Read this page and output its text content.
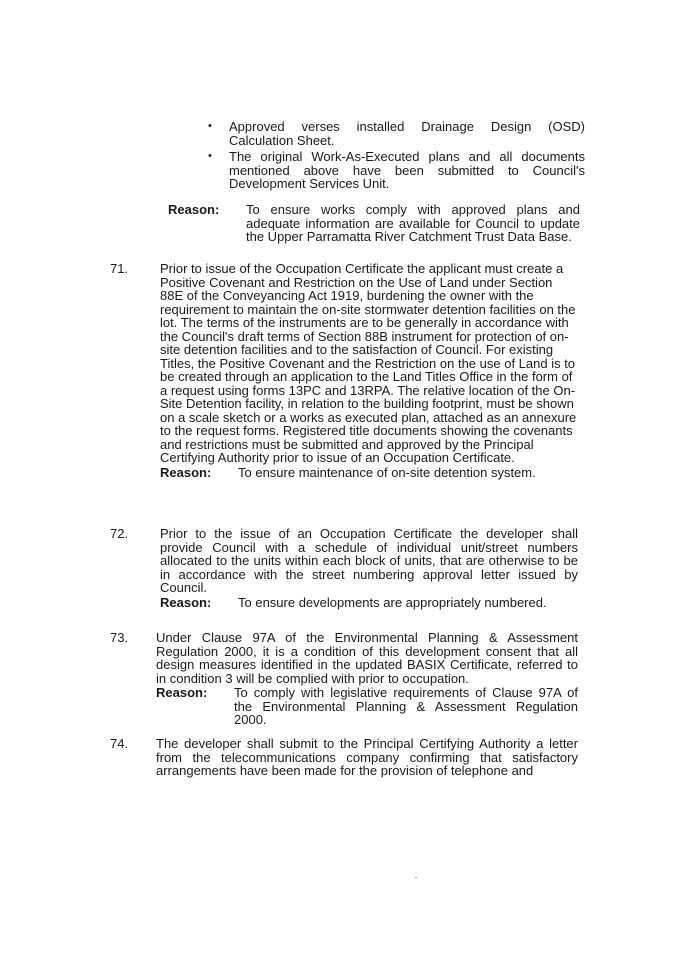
• Approved verses installed Drainage Design (OSD) Calculation Sheet.
• The original Work-As-Executed plans and all documents mentioned above have been submitted to Council's Development Services Unit.
Reason:	To ensure works comply with approved plans and adequate information are available for Council to update the Upper Parramatta River Catchment Trust Data Base.
71.	Prior to issue of the Occupation Certificate the applicant must create a Positive Covenant and Restriction on the Use of Land under Section 88E of the Conveyancing Act 1919, burdening the owner with the requirement to maintain the on-site stormwater detention facilities on the lot. The terms of the instruments are to be generally in accordance with the Council's draft terms of Section 88B instrument for protection of on-site detention facilities and to the satisfaction of Council. For existing Titles, the Positive Covenant and the Restriction on the use of Land is to be created through an application to the Land Titles Office in the form of a request using forms 13PC and 13RPA. The relative location of the On-Site Detention facility, in relation to the building footprint, must be shown on a scale sketch or a works as executed plan, attached as an annexure to the request forms. Registered title documents showing the covenants and restrictions must be submitted and approved by the Principal Certifying Authority prior to issue of an Occupation Certificate.
Reason:	To ensure maintenance of on-site detention system.
72.	Prior to the issue of an Occupation Certificate the developer shall provide Council with a schedule of individual unit/street numbers allocated to the units within each block of units, that are otherwise to be in accordance with the street numbering approval letter issued by Council.
Reason:	To ensure developments are appropriately numbered.
73.	Under Clause 97A of the Environmental Planning & Assessment Regulation 2000, it is a condition of this development consent that all design measures identified in the updated BASIX Certificate, referred to in condition 3 will be complied with prior to occupation.
Reason:	To comply with legislative requirements of Clause 97A of the Environmental Planning & Assessment Regulation 2000.
74.	The developer shall submit to the Principal Certifying Authority a letter from the telecommunications company confirming that satisfactory arrangements have been made for the provision of telephone and
